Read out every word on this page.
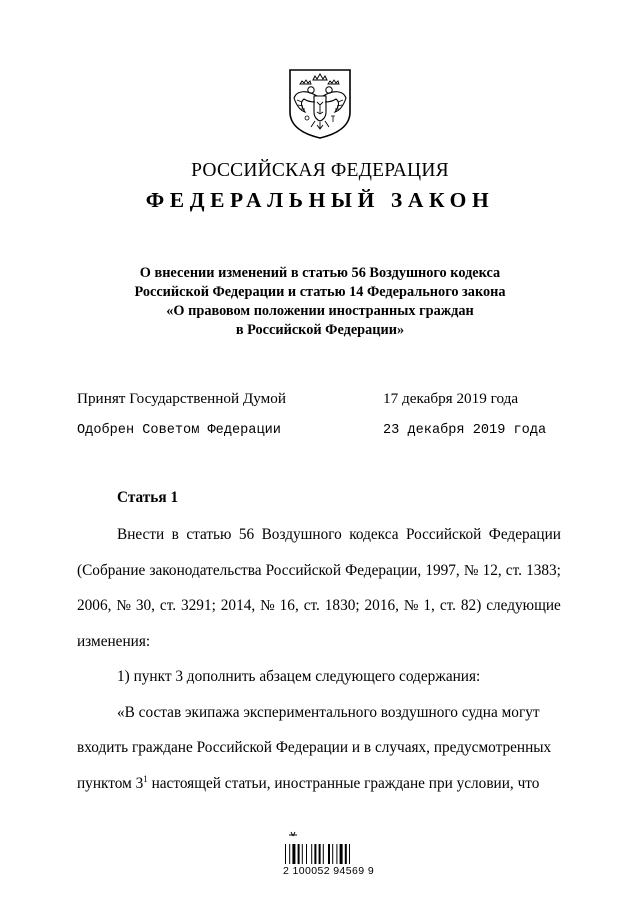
РОССИЙСКАЯ ФЕДЕРАЦИЯ
ФЕДЕРАЛЬНЫЙ ЗАКОН
О внесении изменений в статью 56 Воздушного кодекса
Российской Федерации и статью 14 Федерального закона
«О правовом положении иностранных граждан
в Российской Федерации»
Принят Государственной Думой	17 декабря 2019 года
Одобрен Советом Федерации	23 декабря 2019 года
Статья 1
Внести в статью 56 Воздушного кодекса Российской Федерации
(Собрание законодательства Российской Федерации, 1997, № 12, ст. 1383;
2006, № 30, ст. 3291; 2014, № 16, ст. 1830; 2016, № 1, ст. 82) следующие
изменения:
1) пункт 3 дополнить абзацем следующего содержания:
«В состав экипажа экспериментального воздушного судна могут
входить граждане Российской Федерации и в случаях, предусмотренных
пунктом $3^1$ настоящей статьи, иностранные граждане при условии, что
2 100052 94569 9
